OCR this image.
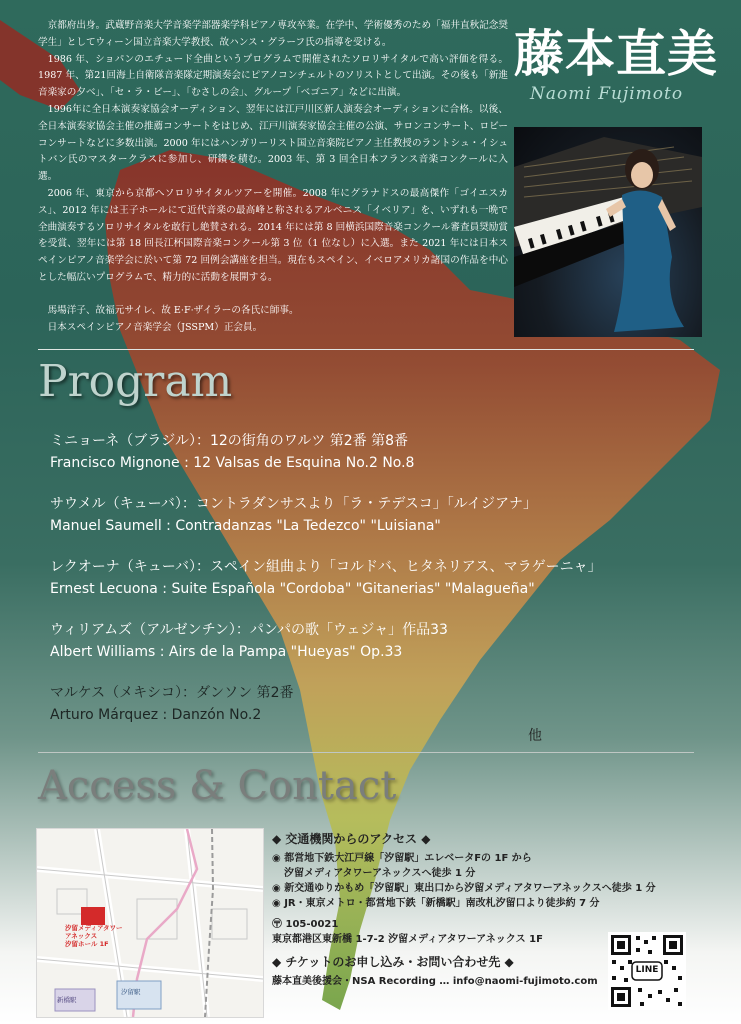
京都府出身。武蔵野音楽大学音楽学部器楽学科ピアノ専攻卒業。在学中、学術優秀のため「福井直秋記念奨学生」としてウィーン国立音楽大学教授、故ハンス・グラーフ氏の指導を受ける。

1986 年、ショパンのエチュード全曲というプログラムで開催されたソロリサイタルで高い評価を得る。1987 年、第21回海上自衛隊音楽隊定期演奏会にピアノコンチェルトのソリストとして出演。その後も「新進音楽家の夕べ」、「セ・ラ・ビー」、「むさしの会」、グループ「ベゴニア」などに出演。

1996年に全日本演奏家協会オーディション、翌年には江戸川区新人演奏会オーディションに合格。以後、全日本演奏家協会主催の推薦コンサートをはじめ、江戸川演奏家協会主催の公演、サロンコンサート、ロビーコンサートなどに多数出演。2000 年にはハンガリーリスト国立音楽院ピアノ主任教授のラントシュ・イシュトバン氏のマスタークラスに参加し、研鑽を積む。2003 年、第 3 回全日本フランス音楽コンクールに入選。

2006 年、東京から京都へソロリサイタルツアーを開催。2008 年にグラナドスの最高傑作「ゴイエスカス」、2012 年には王子ホールにて近代音楽の最高峰と称されるアルベニス「イベリア」を、いずれも一晩で全曲演奏するソロリサイタルを敢行し絶賛される。2014 年には第 8 回横浜国際音楽コンクール審査員奨励賞を受賞、翌年には第 18 回長江杯国際音楽コンクール第 3 位（1 位なし）に入選。また 2021 年には日本スペインピアノ音楽学会に於いて第 72 回例会講座を担当。現在もスペイン、イベロアメリカ諸国の作品を中心とした幅広いプログラムで、精力的に活動を展開する。

馬場洋子、故福元サイレ、故 E·F·ザイラーの各氏に師事。

日本スペインピアノ音楽学会（JSSPM）正会員。

藤本直美
Naomi Fujimoto
Program
ミニョーネ（ブラジル）：12の街角のワルツ 第2番 第8番
Francisco Mignone : 12 Valsas de Esquina No.2 No.8
サウメル（キューバ）：コントラダンサスより「ラ・テデスコ」「ルイジアナ」
Manuel Saumell : Contradanzas "La Tedezco" "Luisiana"
レクオーナ（キューバ）：スペイン組曲より「コルドバ、ヒタネリアス、マラゲーニャ」
Ernest Lecuona : Suite Española "Cordoba" "Gitanerias" "Malagueña"
ウィリアムズ（アルゼンチン）：パンパの歌「ウェジャ」作品33
Albert Williams : Airs de la Pampa "Hueyas" Op.33
マルケス（メキシコ）：ダンソン 第2番
Arturo Márquez : Danzón No.2
他
Access & Contact
汐留メディアタワー
アネックス
汐留ホール 1F
汐留駅
新橋駅
◆ 交通機関からのアクセス ◆
◉ 都営地下鉄大江戸線「汐留駅」エレベータFの 1F から
汐留メディアタワーアネックスへ徒歩 1 分
◉ 新交通ゆりかもめ「汐留駅」東出口から汐留メディアタワーアネックスへ徒歩 1 分
◉ JR・東京メトロ・都営地下鉄「新橋駅」南改札汐留口より徒歩約 7 分
〶 105-0021
東京都港区東新橋 1-7-2 汐留メディアタワーアネックス 1F
◆ チケットのお申し込み・お問い合わせ先 ◆
藤本直美後援会・NSA Recording … info@naomi-fujimoto.com
LINE
